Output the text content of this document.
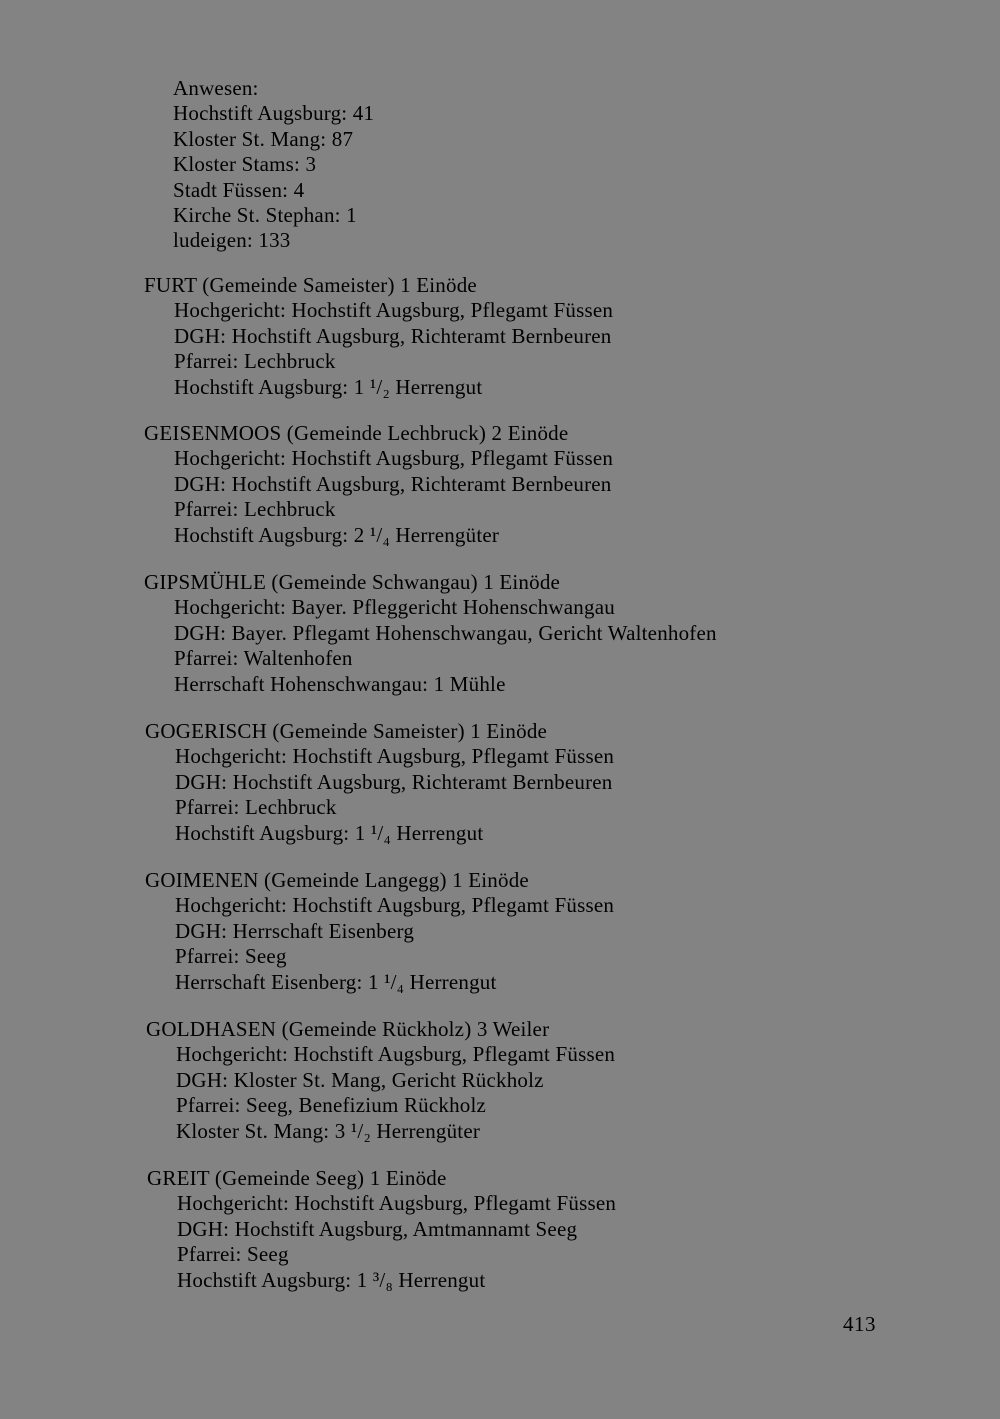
Anwesen:
Hochstift Augsburg: 41
Kloster St. Mang: 87
Kloster Stams: 3
Stadt Füssen: 4
Kirche St. Stephan: 1
ludeigen: 133
FURT (Gemeinde Sameister) 1 Einöde
Hochgericht: Hochstift Augsburg, Pflegamt Füssen
DGH: Hochstift Augsburg, Richteramt Bernbeuren
Pfarrei: Lechbruck
Hochstift Augsburg: 1 ¹/₂ Herrengut
GEISENMOOS (Gemeinde Lechbruck) 2 Einöde
Hochgericht: Hochstift Augsburg, Pflegamt Füssen
DGH: Hochstift Augsburg, Richteramt Bernbeuren
Pfarrei: Lechbruck
Hochstift Augsburg: 2 ¹/₄ Herrengüter
GIPSMÜHLE (Gemeinde Schwangau) 1 Einöde
Hochgericht: Bayer. Pfleggericht Hohenschwangau
DGH: Bayer. Pflegamt Hohenschwangau, Gericht Waltenhofen
Pfarrei: Waltenhofen
Herrschaft Hohenschwangau: 1 Mühle
GOGERISCH (Gemeinde Sameister) 1 Einöde
Hochgericht: Hochstift Augsburg, Pflegamt Füssen
DGH: Hochstift Augsburg, Richteramt Bernbeuren
Pfarrei: Lechbruck
Hochstift Augsburg: 1 ¹/₄ Herrengut
GOIMENEN (Gemeinde Langegg) 1 Einöde
Hochgericht: Hochstift Augsburg, Pflegamt Füssen
DGH: Herrschaft Eisenberg
Pfarrei: Seeg
Herrschaft Eisenberg: 1 ¹/₄ Herrengut
GOLDHASEN (Gemeinde Rückholz) 3 Weiler
Hochgericht: Hochstift Augsburg, Pflegamt Füssen
DGH: Kloster St. Mang, Gericht Rückholz
Pfarrei: Seeg, Benefizium Rückholz
Kloster St. Mang: 3 ¹/₂ Herrengüter
GREIT (Gemeinde Seeg) 1 Einöde
Hochgericht: Hochstift Augsburg, Pflegamt Füssen
DGH: Hochstift Augsburg, Amtmannamt Seeg
Pfarrei: Seeg
Hochstift Augsburg: 1 ³/₈ Herrengut
413
